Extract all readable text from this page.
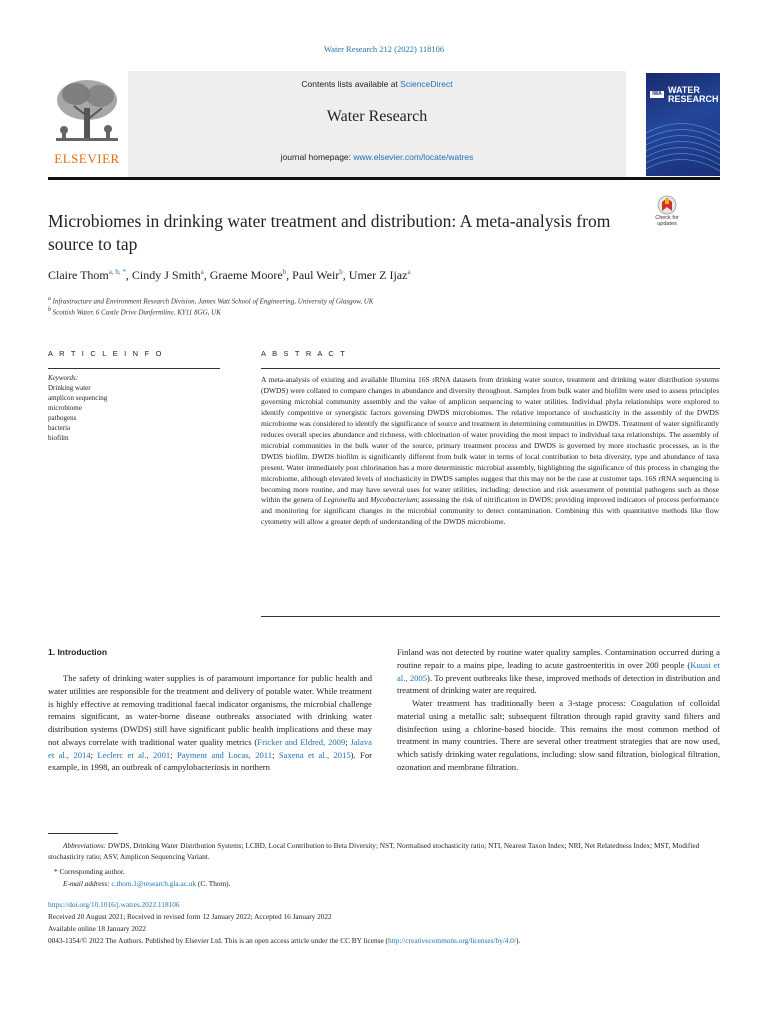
Water Research 212 (2022) 118106
ELSEVIER
Contents lists available at ScienceDirect
Water Research
journal homepage: www.elsevier.com/locate/watres
IWA WATER
RESEARCH
Microbiomes in drinking water treatment and distribution: A meta-analysis from source to tap
Check for
updates
Claire Thom$^{a, b, *}$, Cindy J Smith$^a$, Graeme Moore$^b$, Paul Weir$^b$, Umer Z Ijaz$^a$
$^a$ Infrastructure and Environment Research Division, James Watt School of Engineering, University of Glasgow, UK
$^b$ Scottish Water, 6 Castle Drive Dunfermline, KY11 8GG, UK
A R T I C L E I N F O	A B S T R A C T
Keywords:
Drinking water
amplicon sequencing
microbiome
pathogens
bacteria
biofilm
A meta-analysis of existing and available Illumina 16S rRNA datasets from drinking water source, treatment and drinking water distribution systems (DWDS) were collated to compare changes in abundance and diversity throughout. Samples from bulk water and biofilm were used to assess principles governing microbial community assembly and the value of amplicon sequencing to water utilities. Individual phyla relationships were explored to identify competitive or synergistic factors governing DWDS microbiomes. The relative importance of stochasticity in the assembly of the DWDS microbiome was considered to identify the significance of source and treatment in determining communities in DWDS. Treatment of water significantly reduces overall species abundance and richness, with chlorination of water providing the most impact to individual taxa relationships. The assembly of microbial communities in the bulk water of the source, primary treatment process and DWDS is governed by more stochastic processes, as is the DWDS biofilm. DWDS biofilm is significantly different from bulk water in terms of local contribution to beta diversity, type and abundance of taxa present. Water immediately post chlorination has a more deterministic microbial assembly, highlighting the significance of this process in changing the microbiome, although elevated levels of stochasticity in DWDS samples suggest that this may not be the case at customer taps. 16S rRNA sequencing is becoming more routine, and may have several uses for water utilities, including: detection and risk assessment of potential pathogens such as those within the genera of Legionella and Mycobacterium; assessing the risk of nitrification in DWDS; providing improved indicators of process performance and monitoring for significant changes in the microbial community to detect contamination. Combining this with quantitative methods like flow cytometry will allow a greater depth of understanding of the DWDS microbiome.
1. Introduction

The safety of drinking water supplies is of paramount importance for public health and water utilities are responsible for the treatment and delivery of potable water. While treatment is highly effective at removing traditional faecal indicator organisms, the microbial challenge remains significant, as water-borne disease outbreaks associated with drinking water distribution systems (DWDS) still have significant public health implications and these may not always correlate with traditional water quality metrics (Fricker and Eldred, 2009; Jalava et al., 2014; Leclerc et al., 2001; Payment and Locas, 2011; Saxena et al., 2015). For example, in 1998, an outbreak of campylobacteriosis in northern

Finland was not detected by routine water quality samples. Contamination occurred during a routine repair to a mains pipe, leading to acute gastroenteritis in over 200 people (Kuusi et al., 2005). To prevent outbreaks like these, improved methods of detection in distribution and treatment of drinking water are required.

Water treatment has traditionally been a 3-stage process: Coagulation of colloidal material using a metallic salt; subsequent filtration through rapid gravity sand filters and disinfection using a chlorine-based biocide. This remains the most common method of treatment in many countries. There are several other treatment strategies that are now used, which satisfy drinking water regulations, including: slow sand filtration, biological filtration, ozonation and membrane filtration.

Abbreviations: DWDS, Drinking Water Distribution Systems; LCBD, Local Contribution to Beta Diversity; NST, Normalised stochasticity ratio; NTI, Nearest Taxon Index; NRI, Net Relatedness Index; MST, Modified stochasticity ratio; ASV, Amplicon Sequencing Variant.
* Corresponding author.
E-mail address: c.thom.1@research.gla.ac.uk (C. Thom).
https://doi.org/10.1016/j.watres.2022.118106
Received 20 August 2021; Received in revised form 12 January 2022; Accepted 16 January 2022
Available online 18 January 2022
0043-1354/© 2022 The Authors. Published by Elsevier Ltd. This is an open access article under the CC BY license (http://creativecommons.org/licenses/by/4.0/).
